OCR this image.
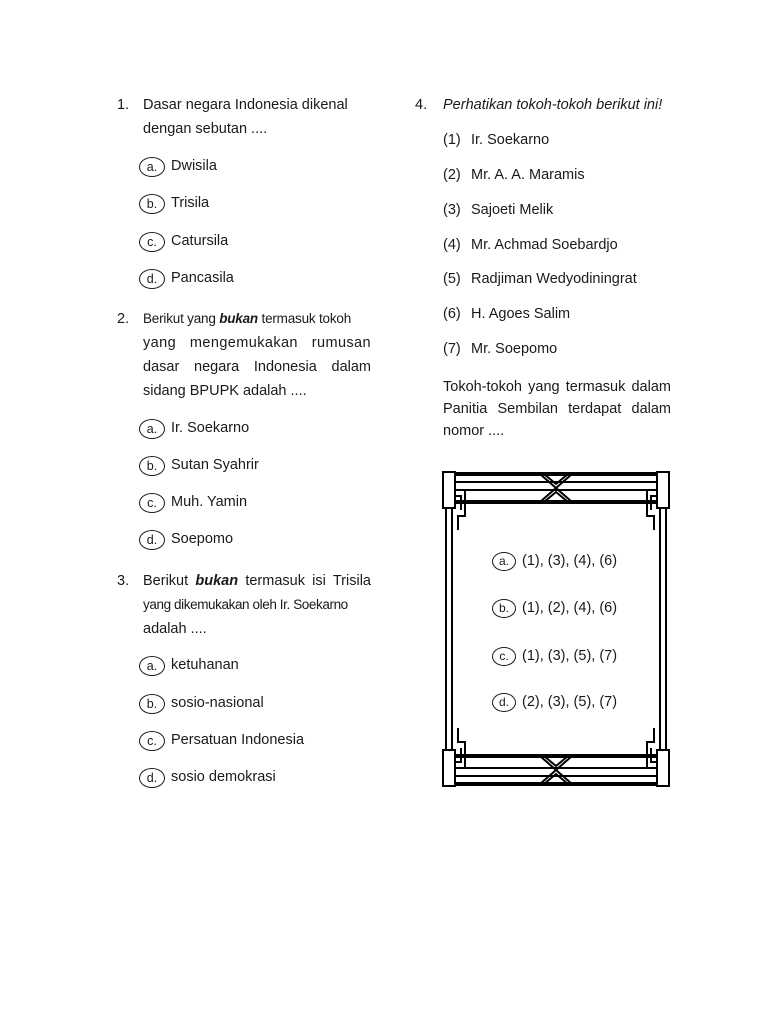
1. Dasar negara Indonesia dikenal
dengan sebutan ....
a. Dwisila
b. Trisila
c. Catursila
d. Pancasila
2. Berikut yang bukan termasuk tokoh
yang mengemukakan rumusan
dasar negara Indonesia dalam
sidang BPUPK adalah ....
a. Ir. Soekarno
b. Sutan Syahrir
c. Muh. Yamin
d. Soepomo
3. Berikut bukan termasuk isi Trisila
yang dikemukakan oleh Ir. Soekarno
adalah ....
a. ketuhanan
b. sosio-nasional
c. Persatuan Indonesia
d. sosio demokrasi
4. Perhatikan tokoh-tokoh berikut ini!
(1) Ir. Soekarno
(2) Mr. A. A. Maramis
(3) Sajoeti Melik
(4) Mr. Achmad Soebardjo
(5) Radjiman Wedyodiningrat
(6) H. Agoes Salim
(7) Mr. Soepomo
Tokoh-tokoh yang termasuk dalam
Panitia Sembilan terdapat dalam
nomor ....
a. (1), (3), (4), (6)
b. (1), (2), (4), (6)
c. (1), (3), (5), (7)
d. (2), (3), (5), (7)
